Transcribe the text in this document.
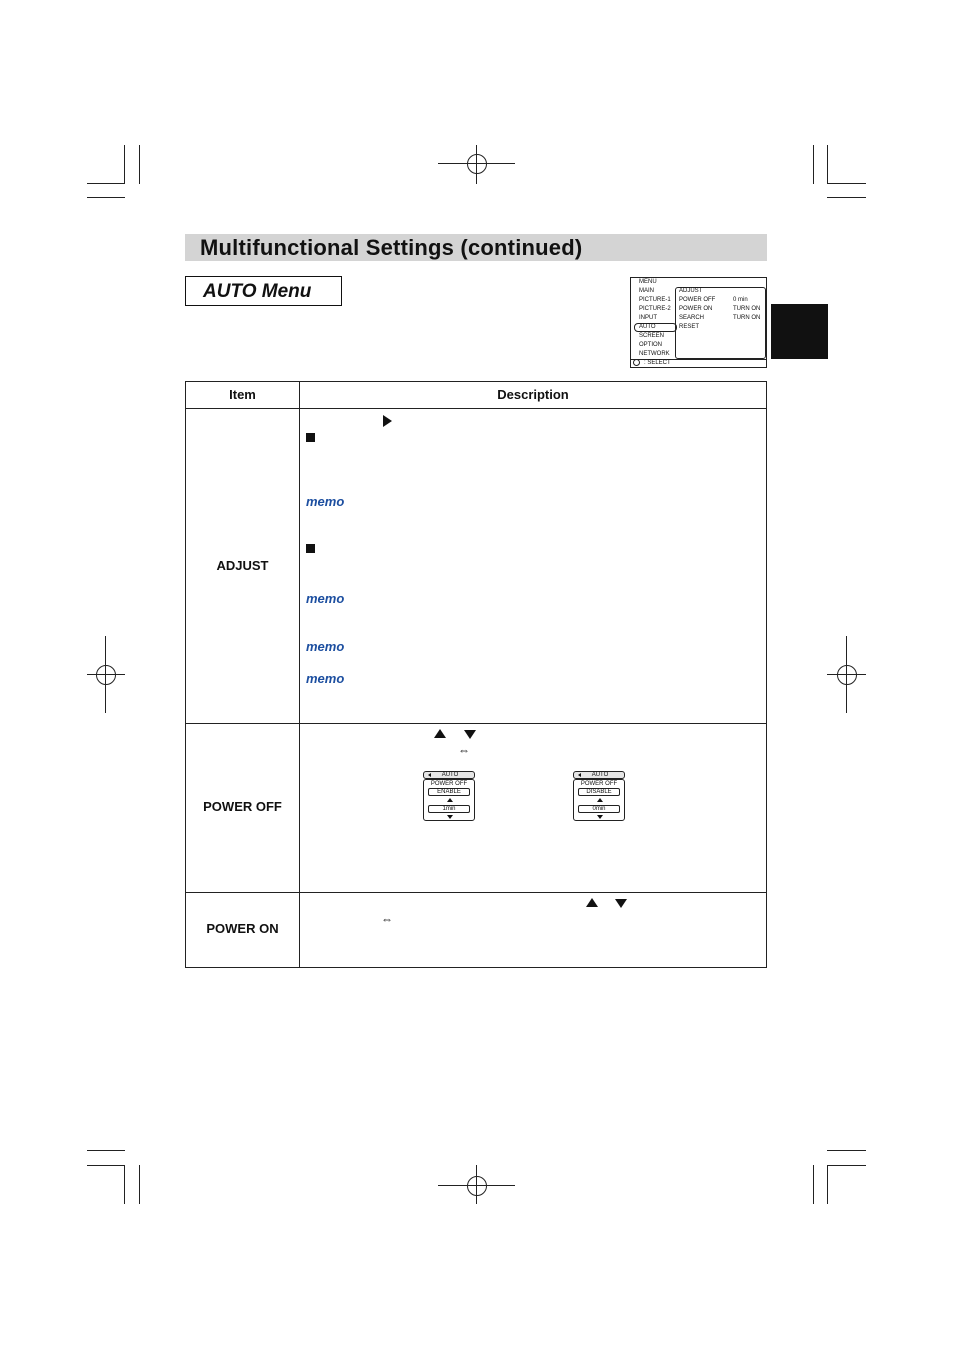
Multifunctional Settings (continued)
AUTO Menu	MENU
MAIN
PICTURE-1
PICTURE-2
INPUT
AUTO
SCREEN
OPTION
NETWORK
ADJUST
POWER OFF
POWER ON
SEARCH
RESET
0 min
TURN ON
TURN ON
: SELECT
Item	Description
ADJUST
POWER OFF
POWER ON
memo
memo
memo
memo
⇔
AUTO
POWER OFF
ENABLE
1min
AUTO
POWER OFF
DISABLE
0min
⇔
